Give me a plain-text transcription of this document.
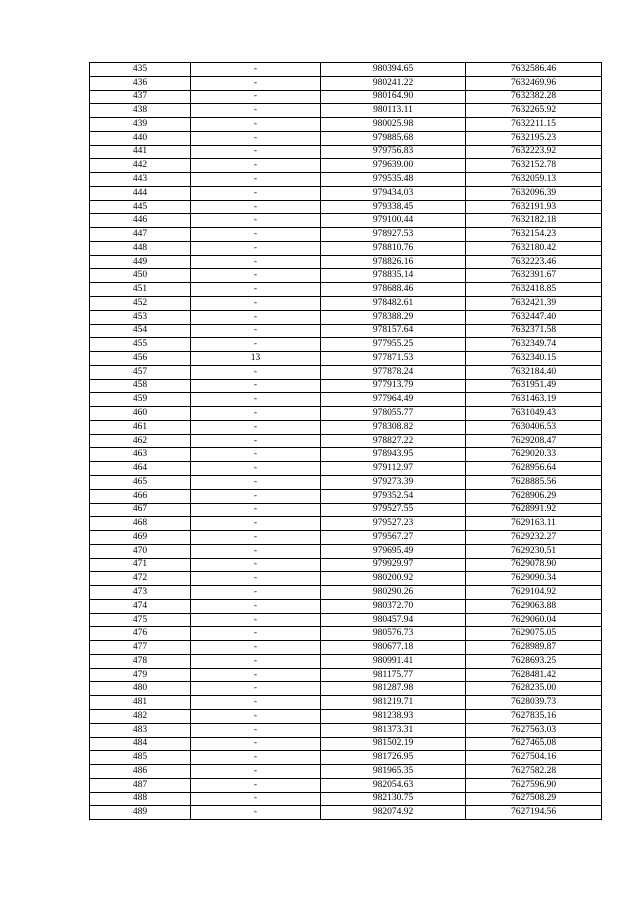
435	-	980394.65	7632586.46
436	-	980241.22	7632469.96
437	-	980164.90	7632382.28
438	-	980113.11	7632265.92
439	-	980025.98	7632211.15
440	-	979885.68	7632195.23
441	-	979756.83	7632223.92
442	-	979639.00	7632152.78
443	-	979535.48	7632059.13
444	-	979434.03	7632096.39
445	-	979338.45	7632191.93
446	-	979100.44	7632182.18
447	-	978927.53	7632154.23
448	-	978810.76	7632180.42
449	-	978826.16	7632223.46
450	-	978835.14	7632391.67
451	-	978688.46	7632418.85
452	-	978482.61	7632421.39
453	-	978388.29	7632447.40
454	-	978157.64	7632371.58
455	-	977955.25	7632349.74
456	13	977871.53	7632340.15
457	-	977878.24	7632184.40
458	-	977913.79	7631951.49
459	-	977964.49	7631463.19
460	-	978055.77	7631049.43
461	-	978308.82	7630406.53
462	-	978827.22	7629208.47
463	-	978943.95	7629020.33
464	-	979112.97	7628956.64
465	-	979273.39	7628885.56
466	-	979352.54	7628906.29
467	-	979527.55	7628991.92
468	-	979527.23	7629163.11
469	-	979567.27	7629232.27
470	-	979695.49	7629230.51
471	-	979929.97	7629078.90
472	-	980200.92	7629090.34
473	-	980290.26	7629104.92
474	-	980372.70	7629063.88
475	-	980457.94	7629060.04
476	-	980576.73	7629075.05
477	-	980677.18	7628989.87
478	-	980991.41	7628693.25
479	-	981175.77	7628481.42
480	-	981287.98	7628235.00
481	-	981219.71	7628039.73
482	-	981238.93	7627835.16
483	-	981373.31	7627563.03
484	-	981502.19	7627465.08
485	-	981726.95	7627504.16
486	-	981965.35	7627582.28
487	-	982054.63	7627596.90
488	-	982130.75	7627508.29
489	-	982074.92	7627194.56
